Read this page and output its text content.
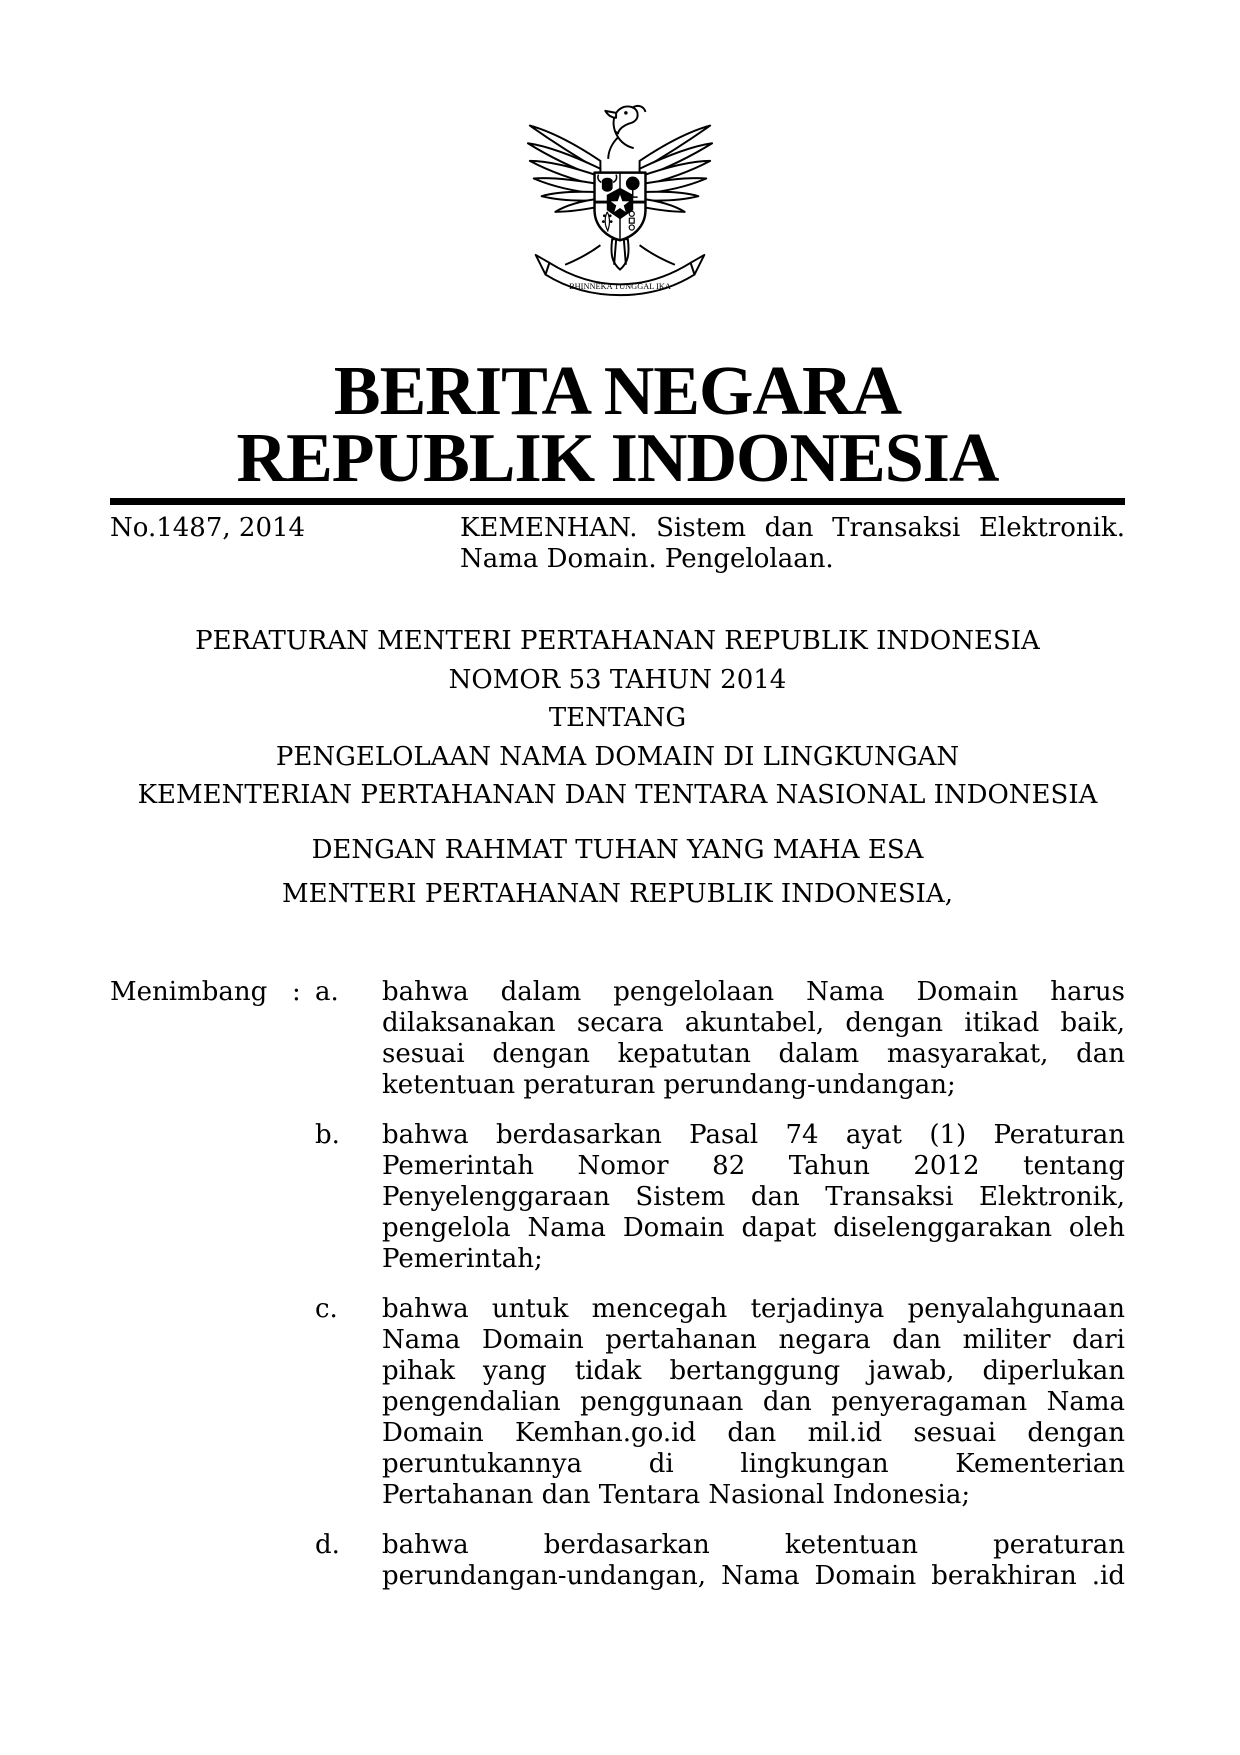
BHINNEKA TUNGGAL IKA
BERITA NEGARA
REPUBLIK INDONESIA
No.1487, 2014	KEMENHAN. Sistem dan Transaksi Elektronik.
Nama Domain. Pengelolaan.
PERATURAN MENTERI PERTAHANAN REPUBLIK INDONESIA
NOMOR 53 TAHUN 2014
TENTANG
PENGELOLAAN NAMA DOMAIN DI LINGKUNGAN
KEMENTERIAN PERTAHANAN DAN TENTARA NASIONAL INDONESIA
DENGAN RAHMAT TUHAN YANG MAHA ESA
MENTERI PERTAHANAN REPUBLIK INDONESIA,
Menimbang : a.	bahwa dalam pengelolaan Nama Domain harus
dilaksanakan secara akuntabel, dengan itikad baik,
sesuai dengan kepatutan dalam masyarakat, dan
ketentuan peraturan perundang-undangan;
b.	bahwa berdasarkan Pasal 74 ayat (1) Peraturan
Pemerintah Nomor 82 Tahun 2012 tentang
Penyelenggaraan Sistem dan Transaksi Elektronik,
pengelola Nama Domain dapat diselenggarakan oleh
Pemerintah;
c.	bahwa untuk mencegah terjadinya penyalahgunaan
Nama Domain pertahanan negara dan militer dari
pihak yang tidak bertanggung jawab, diperlukan
pengendalian penggunaan dan penyeragaman Nama
Domain Kemhan.go.id dan mil.id sesuai dengan
peruntukannya di lingkungan Kementerian
Pertahanan dan Tentara Nasional Indonesia;
d.	bahwa berdasarkan ketentuan peraturan
perundangan-undangan, Nama Domain berakhiran .id
